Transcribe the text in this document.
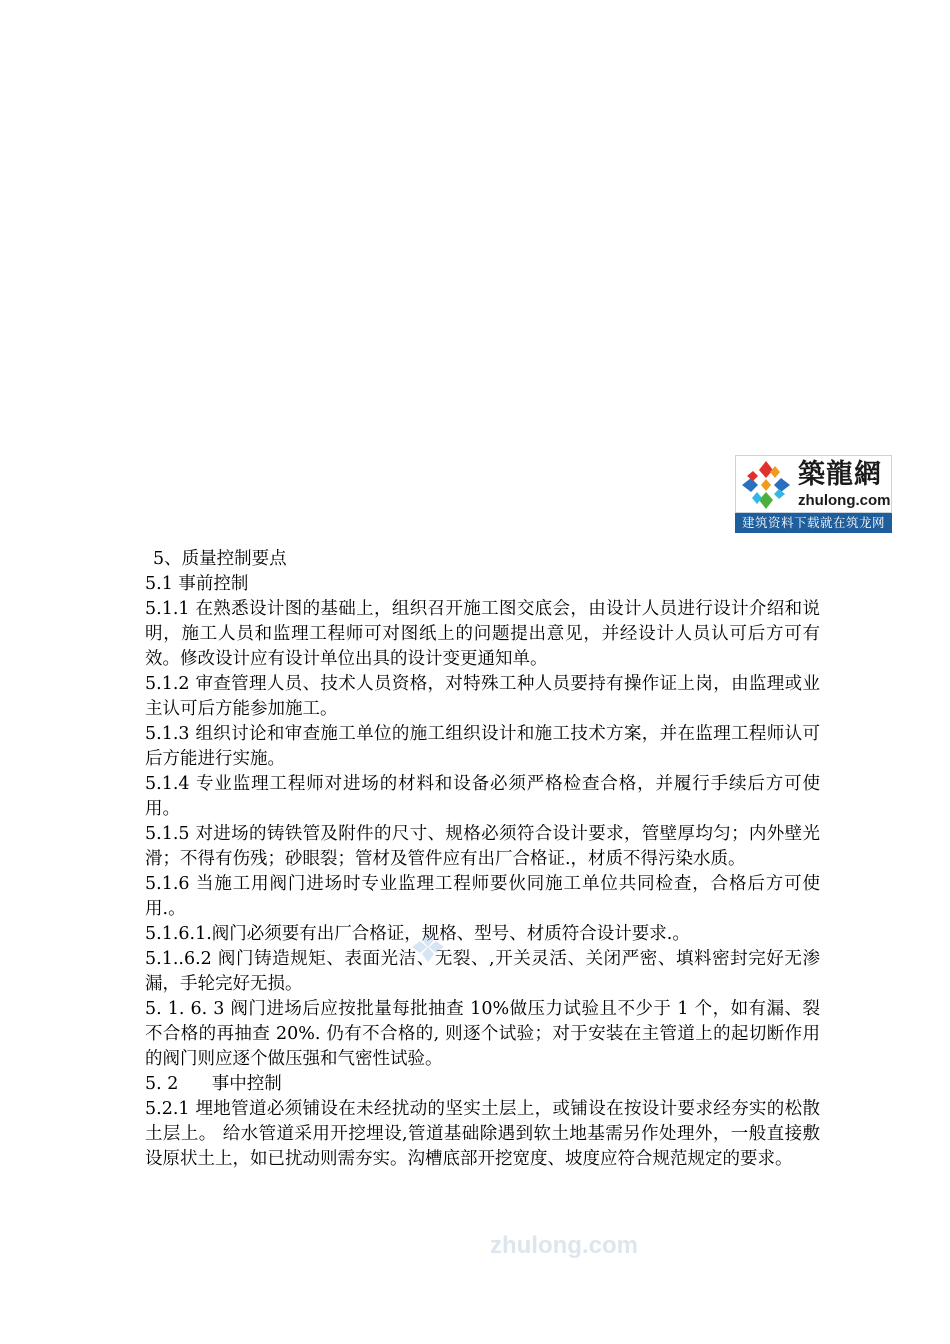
zhulong.com
築龍網
zhulong.com
建筑资料下载就在筑龙网

5、质量控制要点

5.1 事前控制

5.1.1 在熟悉设计图的基础上，组织召开施工图交底会，由设计人员进行设计介绍和说明，施工人员和监理工程师可对图纸上的问题提出意见，并经设计人员认可后方可有效。修改设计应有设计单位出具的设计变更通知单。

5.1.2 审查管理人员、技术人员资格，对特殊工种人员要持有操作证上岗，由监理或业主认可后方能参加施工。

5.1.3 组织讨论和审查施工单位的施工组织设计和施工技术方案，并在监理工程师认可后方能进行实施。

5.1.4 专业监理工程师对进场的材料和设备必须严格检查合格，并履行手续后方可使用。

5.1.5 对进场的铸铁管及附件的尺寸、规格必须符合设计要求，管壁厚均匀；内外壁光滑；不得有伤残；砂眼裂；管材及管件应有出厂合格证.，材质不得污染水质。

5.1.6 当施工用阀门进场时专业监理工程师要伙同施工单位共同检查，合格后方可使用.。

5.1.6.1.阀门必须要有出厂合格证，规格、型号、材质符合设计要求.。

5.1..6.2 阀门铸造规矩、表面光洁、无裂、,开关灵活、关闭严密、填料密封完好无渗漏，手轮完好无损。

5. 1. 6. 3 阀门进场后应按批量每批抽查 10%做压力试验且不少于 1 个，如有漏、裂不合格的再抽查 20%. 仍有不合格的, 则逐个试验；对于安装在主管道上的起切断作用的阀门则应逐个做压强和气密性试验。

5. 2      事中控制

5.2.1 埋地管道必须铺设在未经扰动的坚实土层上，或铺设在按设计要求经夯实的松散土层上。 给水管道采用开挖埋设,管道基础除遇到软土地基需另作处理外，一般直接敷设原状土上，如已扰动则需夯实。沟槽底部开挖宽度、坡度应符合规范规定的要求。
